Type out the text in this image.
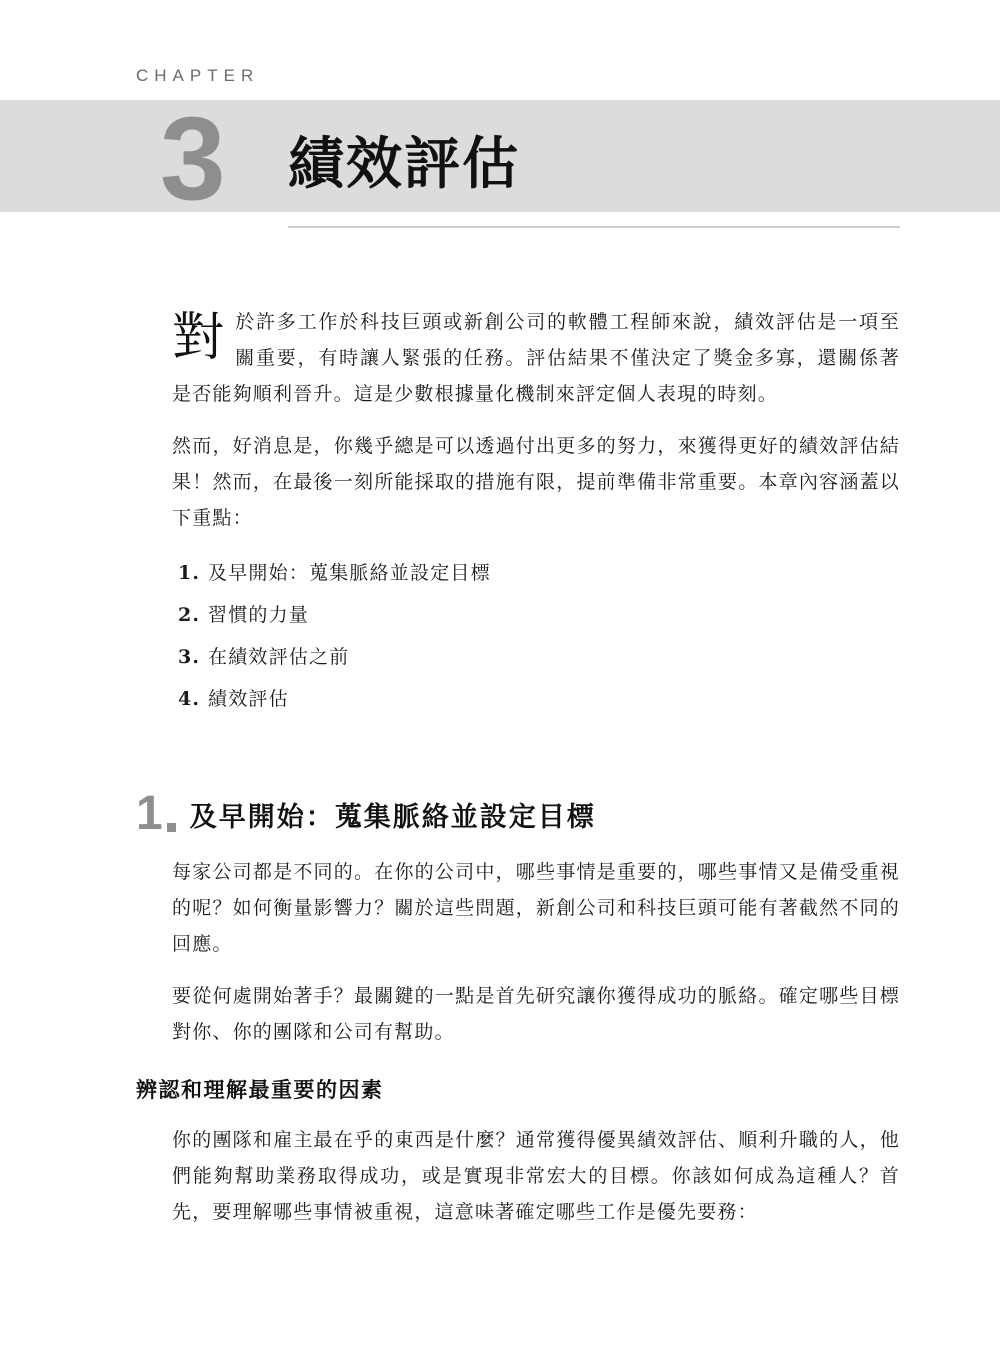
CHAPTER
3 績效評估

對 於許多工作於科技巨頭或新創公司的軟體工程師來說，績效評估是一項至關重要，有時讓人緊張的任務。評估結果不僅決定了獎金多寡，還關係著是否能夠順利晉升。這是少數根據量化機制來評定個人表現的時刻。

然而，好消息是，你幾乎總是可以透過付出更多的努力，來獲得更好的績效評估結果！然而，在最後一刻所能採取的措施有限，提前準備非常重要。本章內容涵蓋以下重點：

1. 及早開始：蒐集脈絡並設定目標
2. 習慣的力量
3. 在績效評估之前
4. 績效評估
1 及早開始：蒐集脈絡並設定目標

每家公司都是不同的。在你的公司中，哪些事情是重要的，哪些事情又是備受重視的呢？如何衡量影響力？關於這些問題，新創公司和科技巨頭可能有著截然不同的回應。

要從何處開始著手？最關鍵的一點是首先研究讓你獲得成功的脈絡。確定哪些目標對你、你的團隊和公司有幫助。

辨認和理解最重要的因素

你的團隊和雇主最在乎的東西是什麼？通常獲得優異績效評估、順利升職的人，他們能夠幫助業務取得成功，或是實現非常宏大的目標。你該如何成為這種人？首先，要理解哪些事情被重視，這意味著確定哪些工作是優先要務：
